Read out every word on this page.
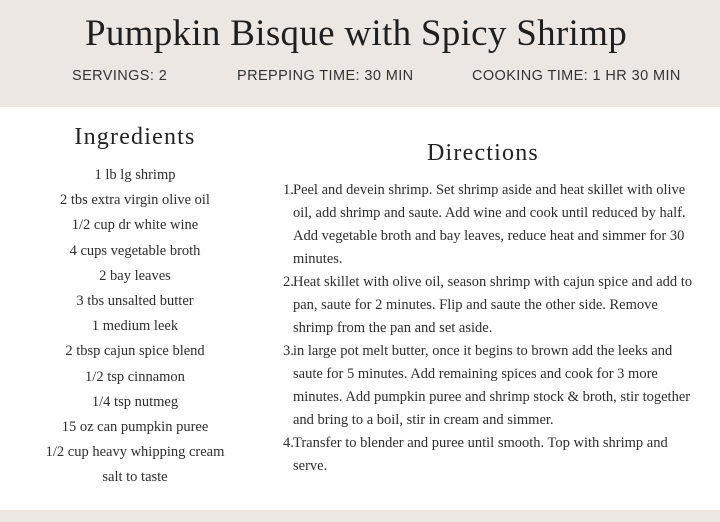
Pumpkin Bisque with Spicy Shrimp
SERVINGS: 2	PREPPING TIME: 30 MIN	COOKING TIME: 1 HR 30 MIN
Ingredients
1 lb lg shrimp
2 tbs extra virgin olive oil
1/2 cup dr white wine
4 cups vegetable broth
2 bay leaves
3 tbs unsalted butter
1 medium leek
2 tbsp cajun spice blend
1/2 tsp cinnamon
1/4 tsp nutmeg
15 oz can pumpkin puree
1/2 cup heavy whipping cream
salt to taste
Directions
1. Peel and devein shrimp. Set shrimp aside and heat skillet with olive oil, add shrimp and saute. Add wine and cook until reduced by half. Add vegetable broth and bay leaves, reduce heat and simmer for 30 minutes.
2. Heat skillet with olive oil, season shrimp with cajun spice and add to pan, saute for 2 minutes. Flip and saute the other side. Remove shrimp from the pan and set aside.
3. in large pot melt butter, once it begins to brown add the leeks and saute for 5 minutes. Add remaining spices and cook for 3 more minutes. Add pumpkin puree and shrimp stock & broth, stir together and bring to a boil, stir in cream and simmer.
4. Transfer to blender and puree until smooth. Top with shrimp and serve.
